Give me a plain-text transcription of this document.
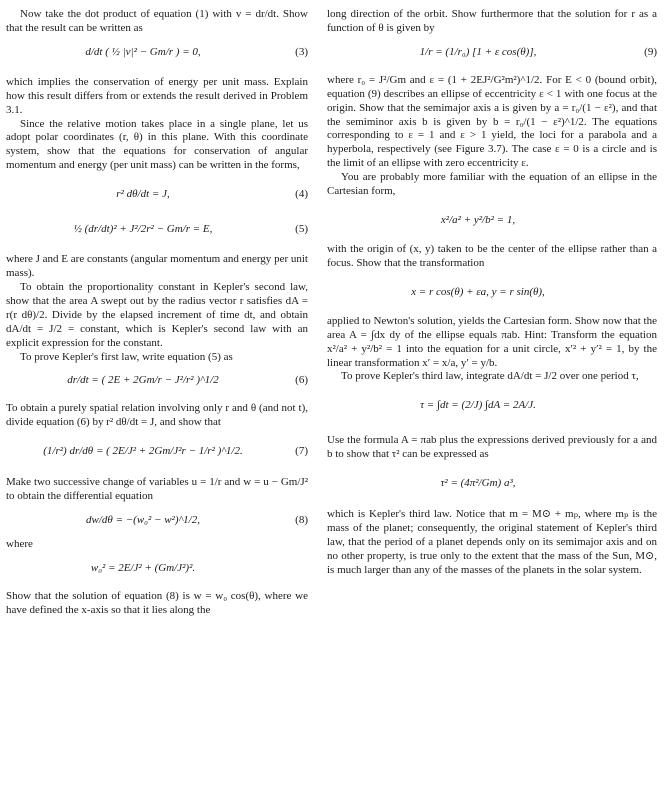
Now take the dot product of equation (1) with v = dr/dt. Show that the result can be written as

d/dt ( ½ |v|² − Gm/r ) = 0,	(3)

which implies the conservation of energy per unit mass. Explain how this result differs from or extends the result derived in Problem 3.1.

Since the relative motion takes place in a single plane, let us adopt polar coordinates (r, θ) in this plane. With this coordinate system, show that the equations for conservation of angular momentum and energy (per unit mass) can be written in the forms,

r² dθ/dt = J,	(4)
½ (dr/dt)² + J²/2r² − Gm/r = E,	(5)

where J and E are constants (angular momentum and energy per unit mass).

To obtain the proportionality constant in Kepler's second law, show that the area A swept out by the radius vector r satisfies dA = r(r dθ)/2. Divide by the elapsed increment of time dt, and obtain dA/dt = J/2 = constant, which is Kepler's second law with an explicit expression for the constant.

To prove Kepler's first law, write equation (5) as

dr/dt = ( 2E + 2Gm/r − J²/r² )^1/2	(6)

To obtain a purely spatial relation involving only r and θ (and not t), divide equation (6) by r² dθ/dt = J, and show that

(1/r²) dr/dθ = ( 2E/J² + 2Gm/J²r − 1/r² )^1/2.	(7)

Make two successive change of variables u = 1/r and w = u − Gm/J² to obtain the differential equation

dw/dθ = −(w₀² − w²)^1/2,	(8)

where

w₀² = 2E/J² + (Gm/J²)².

Show that the solution of equation (8) is w = w₀ cos(θ), where we have defined the x-axis so that it lies along the

long direction of the orbit. Show furthermore that the solution for r as a function of θ is given by

1/r = (1/r₀) [1 + ε cos(θ)],	(9)

where r₀ = J²/Gm and ε = (1 + 2EJ²/G²m²)^1/2. For E < 0 (bound orbit), equation (9) describes an ellipse of eccentricity ε < 1 with one focus at the origin. Show that the semimajor axis a is given by a = r₀/(1 − ε²), and that the semiminor axis b is given by b = r₀/(1 − ε²)^1/2. The equations corresponding to ε = 1 and ε > 1 yield, the loci for a parabola and a hyperbola, respectively (see Figure 3.7). The case ε = 0 is a circle and is the limit of an ellipse with zero eccentricity ε.

You are probably more familiar with the equation of an ellipse in the Cartesian form,

x²/a² + y²/b² = 1,

with the origin of (x, y) taken to be the center of the ellipse rather than a focus. Show that the transformation

x = r cos(θ) + εa, y = r sin(θ),

applied to Newton's solution, yields the Cartesian form. Show now that the area A = ∫dx dy of the ellipse equals πab. Hint: Transform the equation x²/a² + y²/b² = 1 into the equation for a unit circle, x′² + y′² = 1, by the linear transformation x′ = x/a, y′ = y/b.

To prove Kepler's third law, integrate dA/dt = J/2 over one period τ,

τ = ∫dt = (2/J) ∫dA = 2A/J.

Use the formula A = πab plus the expressions derived previously for a and b to show that τ² can be expressed as

τ² = (4π²/Gm) a³,

which is Kepler's third law. Notice that m = M⊙ + mₚ, where mₚ is the mass of the planet; consequently, the original statement of Kepler's third law, that the period of a planet depends only on its semimajor axis and on no other property, is true only to the extent that the mass of the Sun, M⊙, is much larger than any of the masses of the planets in the solar system.
